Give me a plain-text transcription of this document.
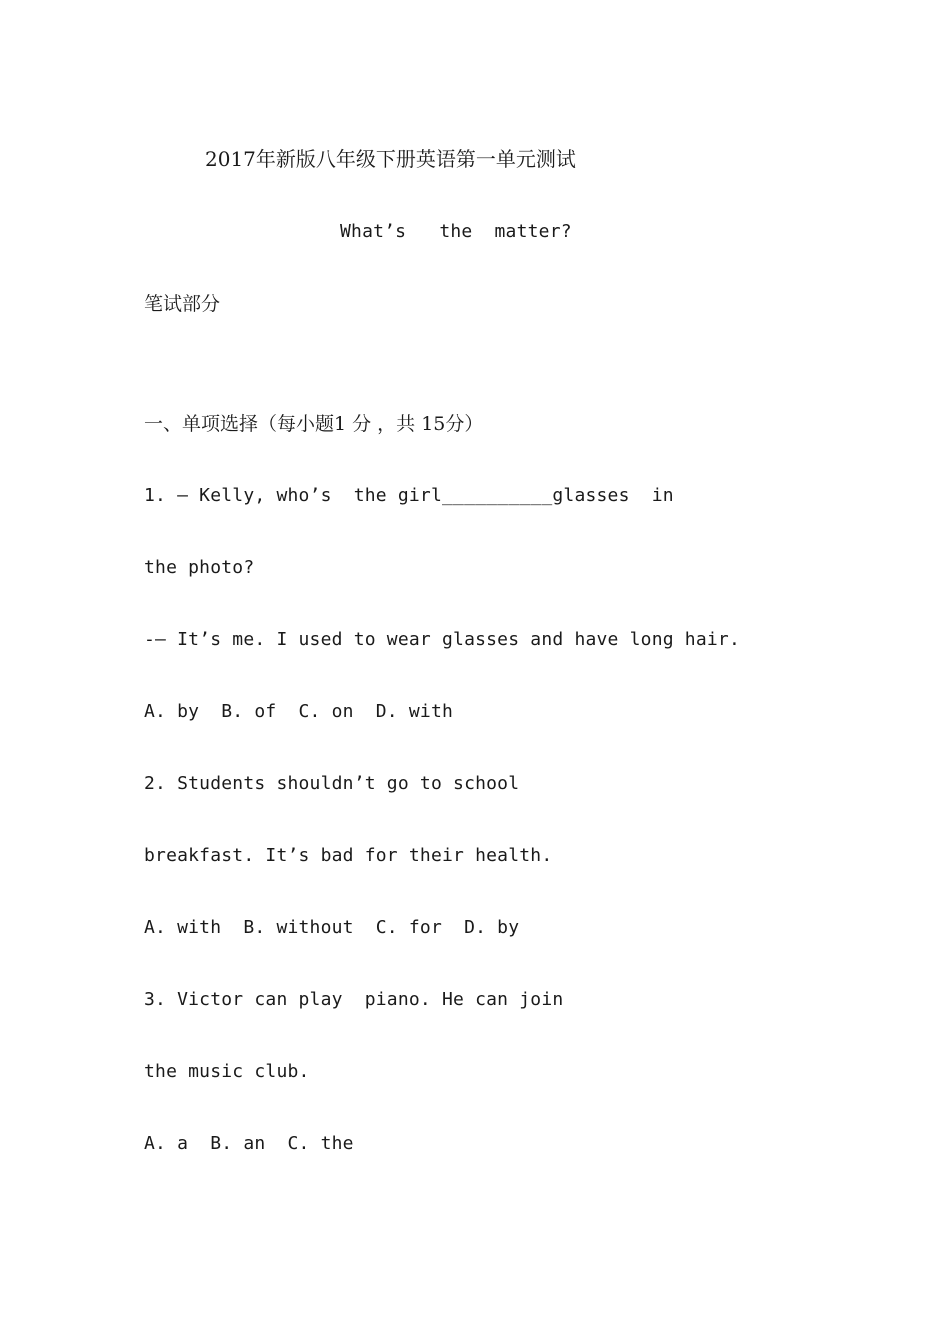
2017年新版八年级下册英语第一单元测试
What’s   the  matter?
笔试部分
一、单项选择（每小题1 分 ，共 15分）
1. — Kelly, who’s  the girl__________glasses  in
the photo?
-— It’s me. I used to wear glasses and have long hair.
A. by  B. of  C. on  D. with
2. Students shouldn’t go to school
breakfast. It’s bad for their health.
A. with  B. without  C. for  D. by
3. Victor can play  piano. He can join
the music club.
A. a  B. an  C. the
